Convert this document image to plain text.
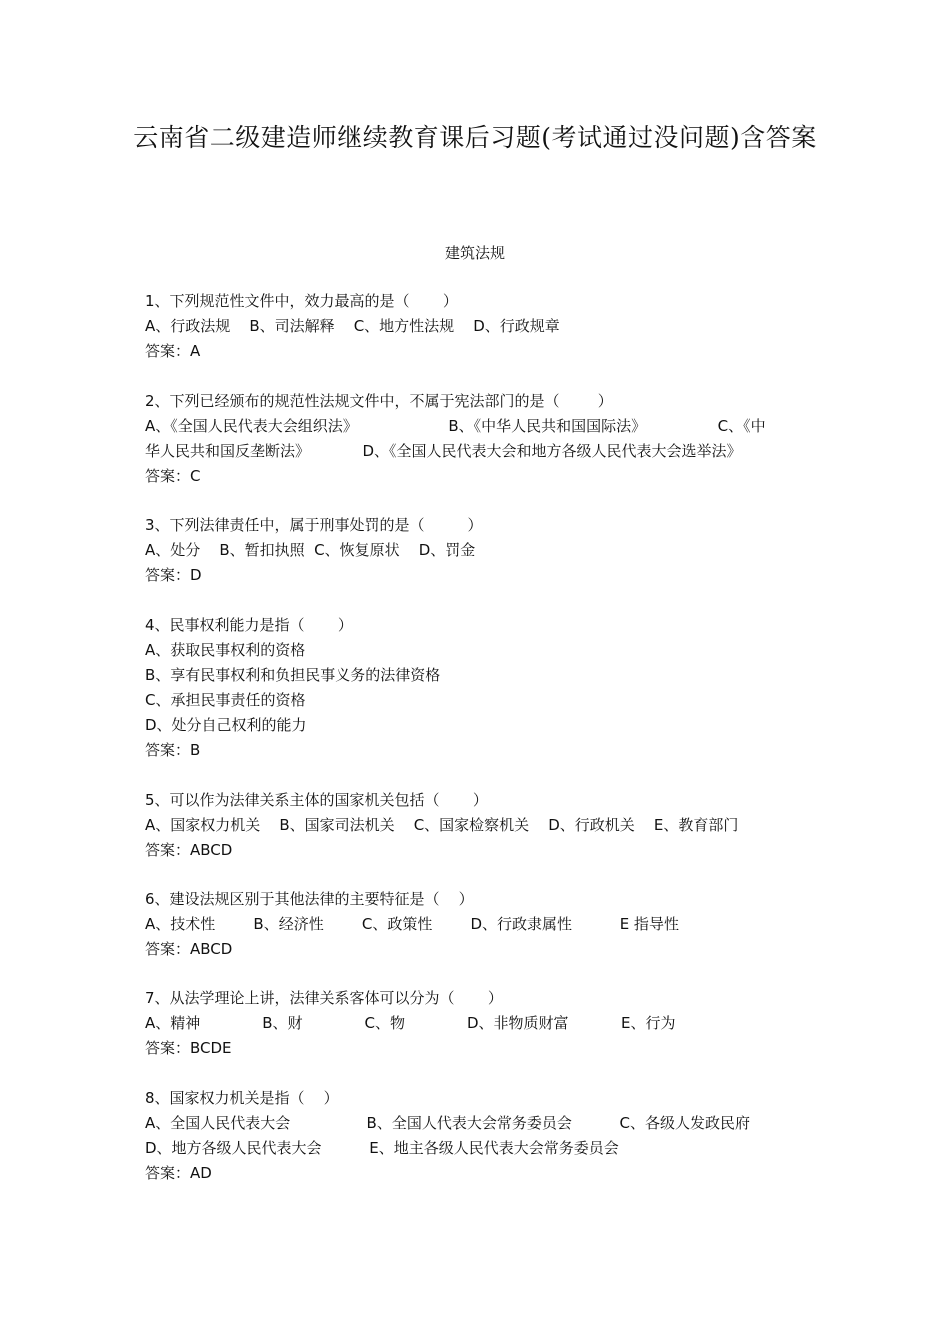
云南省二级建造师继续教育课后习题(考试通过没问题)含答案
建筑法规
1、下列规范性文件中，效力最高的是（       ）
A、行政法规    B、司法解释    C、地方性法规    D、行政规章
答案：A
2、下列已经颁布的规范性法规文件中，不属于宪法部门的是（        ）
A、《全国人民代表大会组织法》                   B、《中华人民共和国国际法》               C、《中
华人民共和国反垄断法》           D、《全国人民代表大会和地方各级人民代表大会选举法》
答案：C
3、下列法律责任中，属于刑事处罚的是（         ）
A、处分    B、暂扣执照  C、恢复原状    D、罚金
答案：D
4、民事权利能力是指（       ）
A、获取民事权利的资格
B、享有民事权利和负担民事义务的法律资格
C、承担民事责任的资格
D、处分自己权利的能力
答案：B
5、可以作为法律关系主体的国家机关包括（       ）
A、国家权力机关    B、国家司法机关    C、国家检察机关    D、行政机关    E、教育部门
答案：ABCD
6、建设法规区别于其他法律的主要特征是（    ）
A、技术性        B、经济性        C、政策性        D、行政隶属性          E 指导性
答案：ABCD
7、从法学理论上讲，法律关系客体可以分为（       ）
A、精神             B、财             C、物             D、非物质财富           E、行为
答案：BCDE
8、国家权力机关是指（    ）
A、全国人民代表大会                B、全国人代表大会常务委员会          C、各级人发政民府
D、地方各级人民代表大会          E、地主各级人民代表大会常务委员会
答案：AD
